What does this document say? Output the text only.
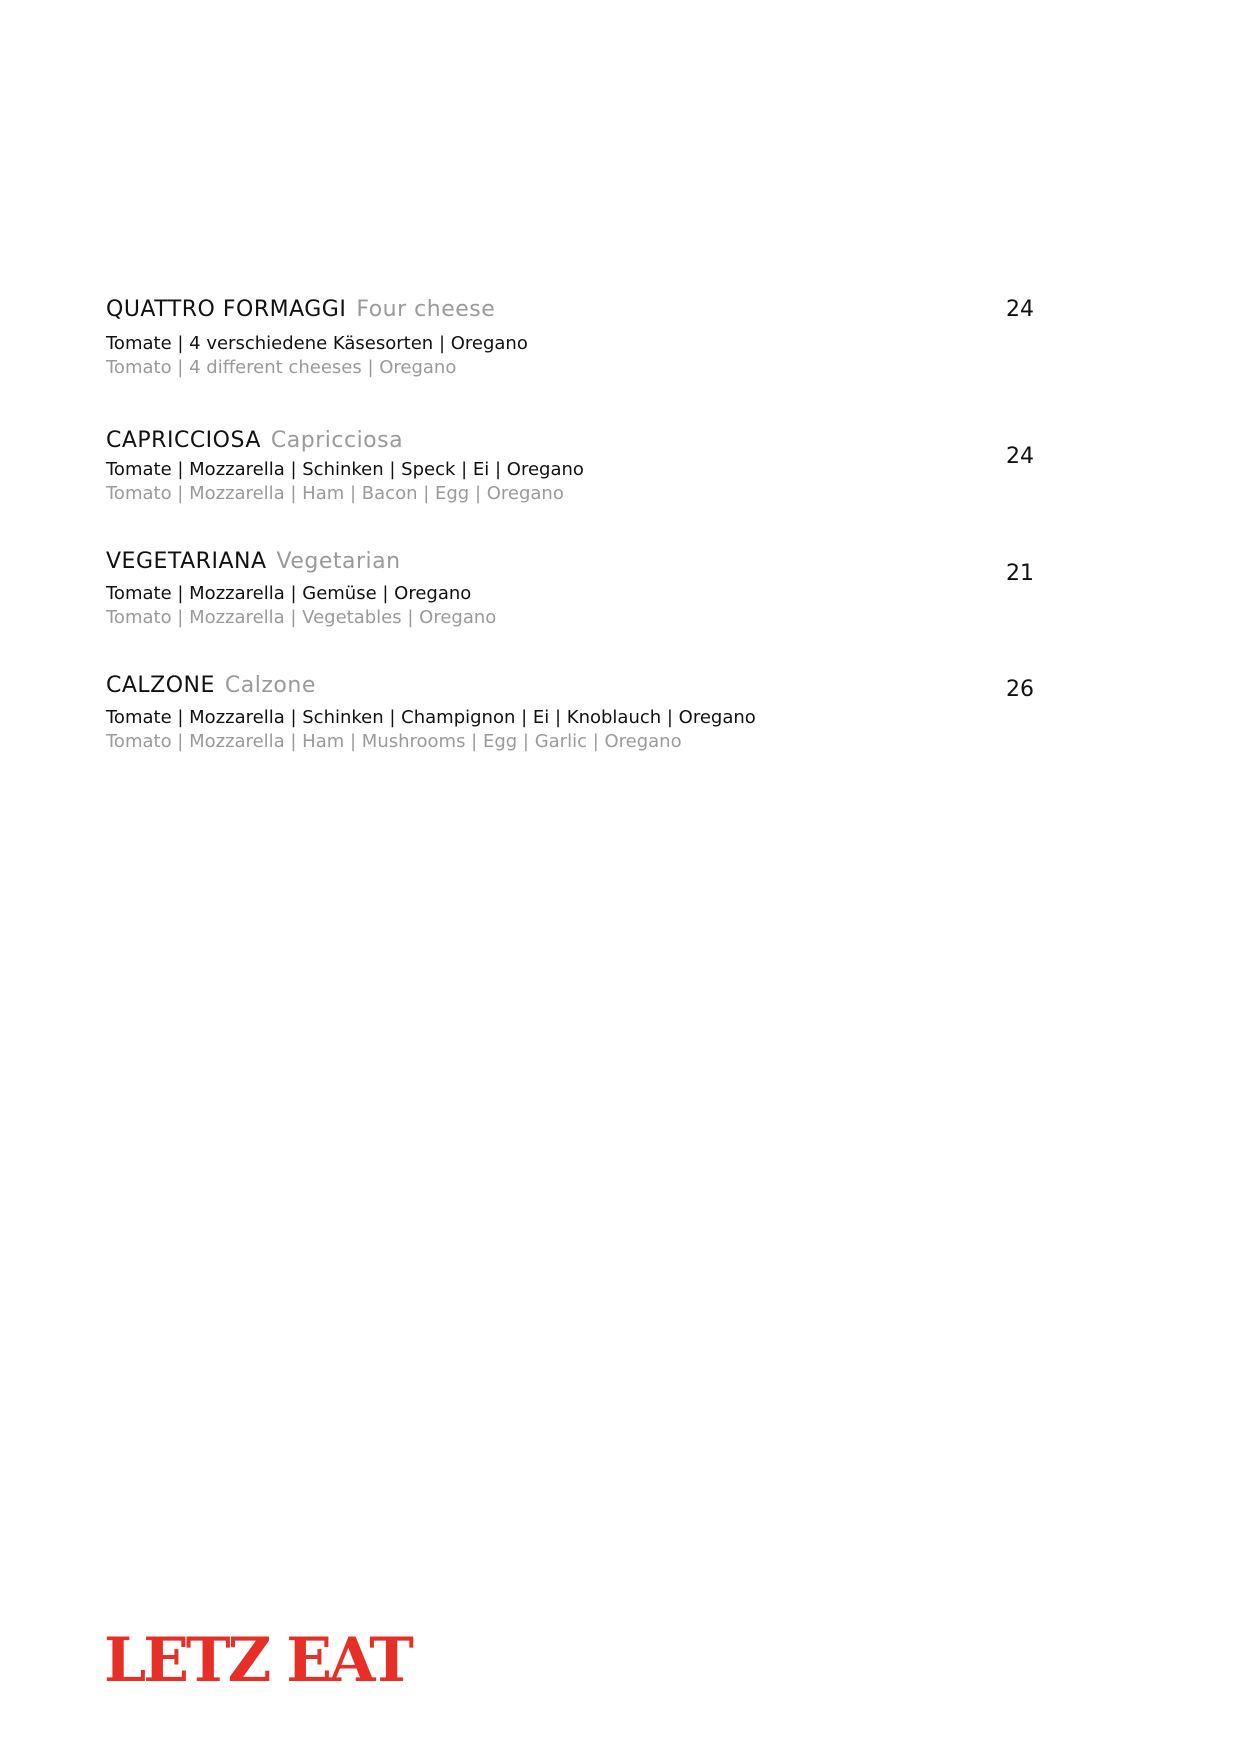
QUATTRO FORMAGGI Four cheese
Tomate | 4 verschiedene Käsesorten | Oregano
Tomato | 4 different cheeses | Oregano
24
CAPRICCIOSA Capricciosa
Tomate | Mozzarella | Schinken | Speck | Ei | Oregano
Tomato | Mozzarella | Ham | Bacon | Egg | Oregano
24
VEGETARIANA Vegetarian
Tomate | Mozzarella | Gemüse | Oregano
Tomato | Mozzarella | Vegetables | Oregano
21
CALZONE Calzone
Tomate | Mozzarella | Schinken | Champignon | Ei | Knoblauch | Oregano
Tomato | Mozzarella | Ham | Mushrooms | Egg | Garlic | Oregano
26
LETZ EAT
